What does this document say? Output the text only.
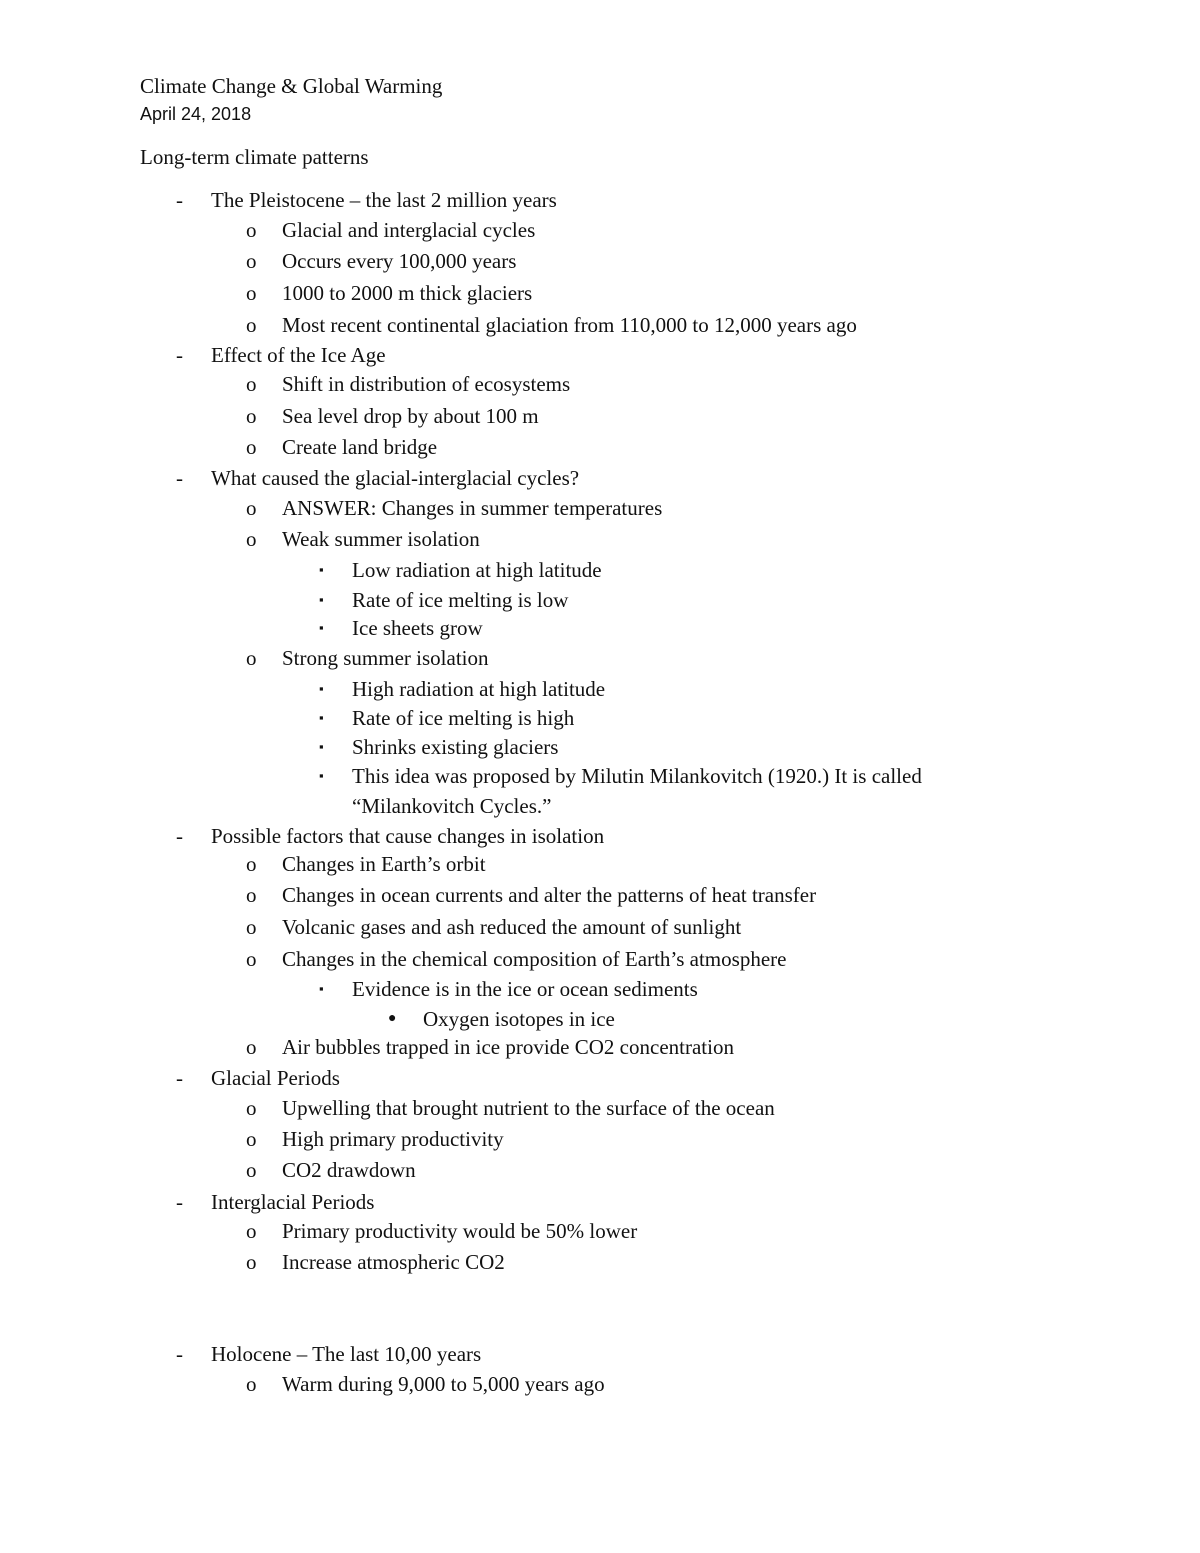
Climate Change & Global Warming
April 24, 2018
Long-term climate patterns
- The Pleistocene – the last 2 million years
o Glacial and interglacial cycles
o Occurs every 100,000 years
o 1000 to 2000 m thick glaciers
o Most recent continental glaciation from 110,000 to 12,000 years ago
- Effect of the Ice Age
o Shift in distribution of ecosystems
o Sea level drop by about 100 m
o Create land bridge
- What caused the glacial-interglacial cycles?
o ANSWER: Changes in summer temperatures
o Weak summer isolation
▪ Low radiation at high latitude
▪ Rate of ice melting is low
▪ Ice sheets grow
o Strong summer isolation
▪ High radiation at high latitude
▪ Rate of ice melting is high
▪ Shrinks existing glaciers
▪ This idea was proposed by Milutin Milankovitch (1920.) It is called
“Milankovitch Cycles.”
- Possible factors that cause changes in isolation
o Changes in Earth’s orbit
o Changes in ocean currents and alter the patterns of heat transfer
o Volcanic gases and ash reduced the amount of sunlight
o Changes in the chemical composition of Earth’s atmosphere
▪ Evidence is in the ice or ocean sediments
● Oxygen isotopes in ice
o Air bubbles trapped in ice provide CO2 concentration
- Glacial Periods
o Upwelling that brought nutrient to the surface of the ocean
o High primary productivity
o CO2 drawdown
- Interglacial Periods
o Primary productivity would be 50% lower
o Increase atmospheric CO2
- Holocene – The last 10,00 years
o Warm during 9,000 to 5,000 years ago
